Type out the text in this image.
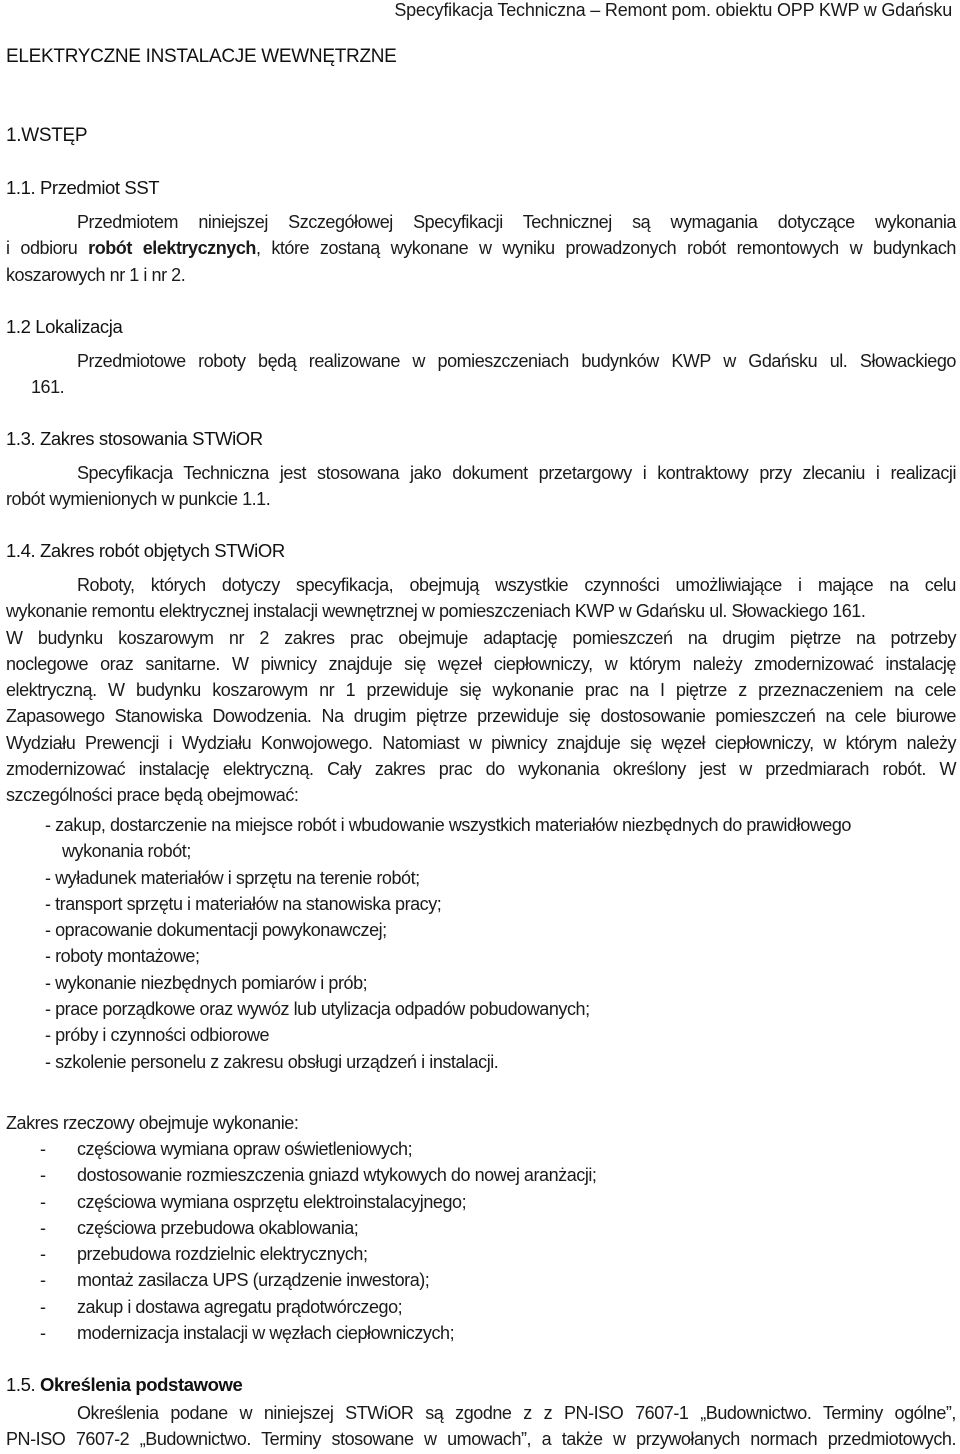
Specyfikacja Techniczna – Remont pom. obiektu OPP KWP w Gdańsku
ELEKTRYCZNE INSTALACJE WEWNĘTRZNE
1.WSTĘP
1.1. Przedmiot SST
Przedmiotem niniejszej Szczegółowej Specyfikacji Technicznej są wymagania dotyczące wykonania
i odbioru robót elektrycznych, które zostaną wykonane w wyniku prowadzonych robót remontowych w budynkach
koszarowych nr 1 i nr 2.
1.2 Lokalizacja
Przedmiotowe roboty będą realizowane w pomieszczeniach budynków KWP w Gdańsku ul. Słowackiego
161.
1.3. Zakres stosowania STWiOR
Specyfikacja Techniczna jest stosowana jako dokument przetargowy i kontraktowy przy zlecaniu i realizacji
robót wymienionych w punkcie 1.1.
1.4. Zakres robót objętych STWiOR
Roboty, których dotyczy specyfikacja, obejmują wszystkie czynności umożliwiające i mające na celu
wykonanie remontu elektrycznej instalacji wewnętrznej w pomieszczeniach KWP w Gdańsku ul. Słowackiego 161.
W budynku koszarowym nr 2 zakres prac obejmuje adaptację pomieszczeń na drugim piętrze na potrzeby
noclegowe oraz sanitarne. W piwnicy znajduje się węzeł ciepłowniczy, w którym należy zmodernizować instalację
elektryczną. W budynku koszarowym nr 1 przewiduje się wykonanie prac na I piętrze z przeznaczeniem na cele
Zapasowego Stanowiska Dowodzenia. Na drugim piętrze przewiduje się dostosowanie pomieszczeń na cele biurowe
Wydziału Prewencji i Wydziału Konwojowego. Natomiast w piwnicy znajduje się węzeł ciepłowniczy, w którym należy
zmodernizować instalację elektryczną. Cały zakres prac do wykonania określony jest w przedmiarach robót. W
szczególności prace będą obejmować:
- zakup, dostarczenie na miejsce robót i wbudowanie wszystkich materiałów niezbędnych do prawidłowego
wykonania robót;
- wyładunek materiałów i sprzętu na terenie robót;
- transport sprzętu i materiałów na stanowiska pracy;
- opracowanie dokumentacji powykonawczej;
- roboty montażowe;
- wykonanie niezbędnych pomiarów i prób;
- prace porządkowe oraz wywóz lub utylizacja odpadów pobudowanych;
- próby i czynności odbiorowe
- szkolenie personelu z zakresu obsługi urządzeń i instalacji.
Zakres rzeczowy obejmuje wykonanie:
- częściowa wymiana opraw oświetleniowych;
- dostosowanie rozmieszczenia gniazd wtykowych do nowej aranżacji;
- częściowa wymiana osprzętu elektroinstalacyjnego;
- częściowa przebudowa okablowania;
- przebudowa rozdzielnic elektrycznych;
- montaż zasilacza UPS (urządzenie inwestora);
- zakup i dostawa agregatu prądotwórczego;
- modernizacja instalacji w węzłach ciepłowniczych;
1.5. Określenia podstawowe
Określenia podane w niniejszej STWiOR są zgodne z z PN-ISO 7607-1 „Budownictwo. Terminy ogólne”,
PN-ISO 7607-2 „Budownictwo. Terminy stosowane w umowach”, a także w przywołanych normach przedmiotowych.
